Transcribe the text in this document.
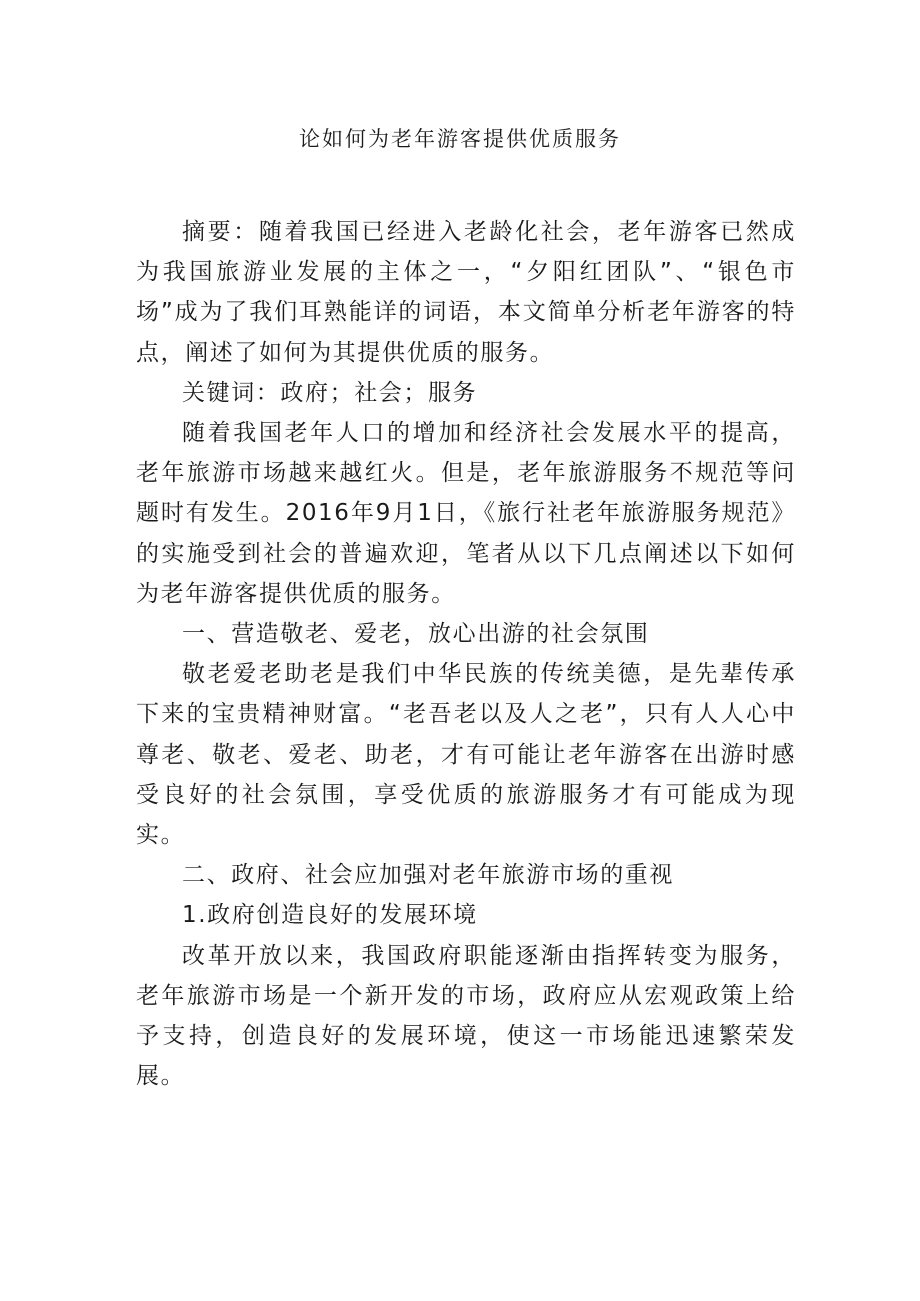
论如何为老年游客提供优质服务

摘要：随着我国已经进入老龄化社会，老年游客已然成为我国旅游业发展的主体之一，“夕阳红团队”、“银色市场”成为了我们耳熟能详的词语，本文简单分析老年游客的特点，阐述了如何为其提供优质的服务。

关键词：政府；社会；服务

随着我国老年人口的增加和经济社会发展水平的提高，老年旅游市场越来越红火。但是，老年旅游服务不规范等问题时有发生。2016年9月1日，《旅行社老年旅游服务规范》的实施受到社会的普遍欢迎，笔者从以下几点阐述以下如何为老年游客提供优质的服务。

一、营造敬老、爱老，放心出游的社会氛围

敬老爱老助老是我们中华民族的传统美德，是先辈传承下来的宝贵精神财富。“老吾老以及人之老”，只有人人心中尊老、敬老、爱老、助老，才有可能让老年游客在出游时感受良好的社会氛围，享受优质的旅游服务才有可能成为现实。

二、政府、社会应加强对老年旅游市场的重视

1.政府创造良好的发展环境

改革开放以来，我国政府职能逐渐由指挥转变为服务，老年旅游市场是一个新开发的市场，政府应从宏观政策上给予支持，创造良好的发展环境，使这一市场能迅速繁荣发展。
